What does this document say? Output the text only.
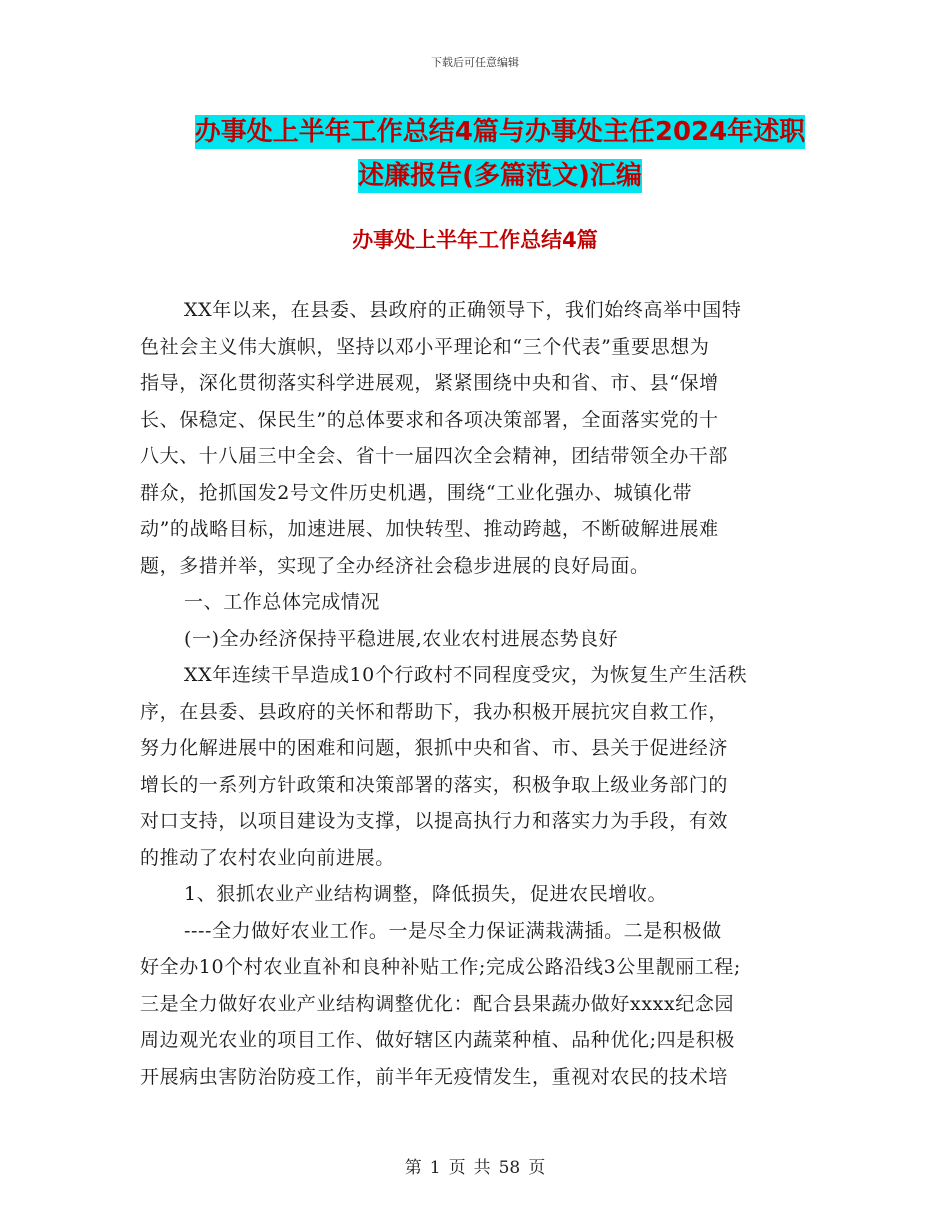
下载后可任意编辑
办事处上半年工作总结4篇与办事处主任2024年述职
述廉报告(多篇范文)汇编
办事处上半年工作总结4篇
XX年以来，在县委、县政府的正确领导下，我们始终高举中国特
色社会主义伟大旗帜，坚持以邓小平理论和“三个代表”重要思想为
指导，深化贯彻落实科学进展观，紧紧围绕中央和省、市、县“保增
长、保稳定、保民生”的总体要求和各项决策部署，全面落实党的十
八大、十八届三中全会、省十一届四次全会精神，团结带领全办干部
群众，抢抓国发2号文件历史机遇，围绕“工业化强办、城镇化带
动”的战略目标，加速进展、加快转型、推动跨越，不断破解进展难
题，多措并举，实现了全办经济社会稳步进展的良好局面。
一、工作总体完成情况
(一)全办经济保持平稳进展,农业农村进展态势良好
XX年连续干旱造成10个行政村不同程度受灾，为恢复生产生活秩
序，在县委、县政府的关怀和帮助下，我办积极开展抗灾自救工作，
努力化解进展中的困难和问题，狠抓中央和省、市、县关于促进经济
增长的一系列方针政策和决策部署的落实，积极争取上级业务部门的
对口支持，以项目建设为支撑，以提高执行力和落实力为手段，有效
的推动了农村农业向前进展。
1、狠抓农业产业结构调整，降低损失，促进农民增收。
----全力做好农业工作。一是尽全力保证满栽满插。二是积极做
好全办10个村农业直补和良种补贴工作;完成公路沿线3公里靓丽工程;
三是全力做好农业产业结构调整优化：配合县果蔬办做好xxxx纪念园
周边观光农业的项目工作、做好辖区内蔬菜种植、品种优化;四是积极
开展病虫害防治防疫工作，前半年无疫情发生，重视对农民的技术培
第 1 页 共 58 页
